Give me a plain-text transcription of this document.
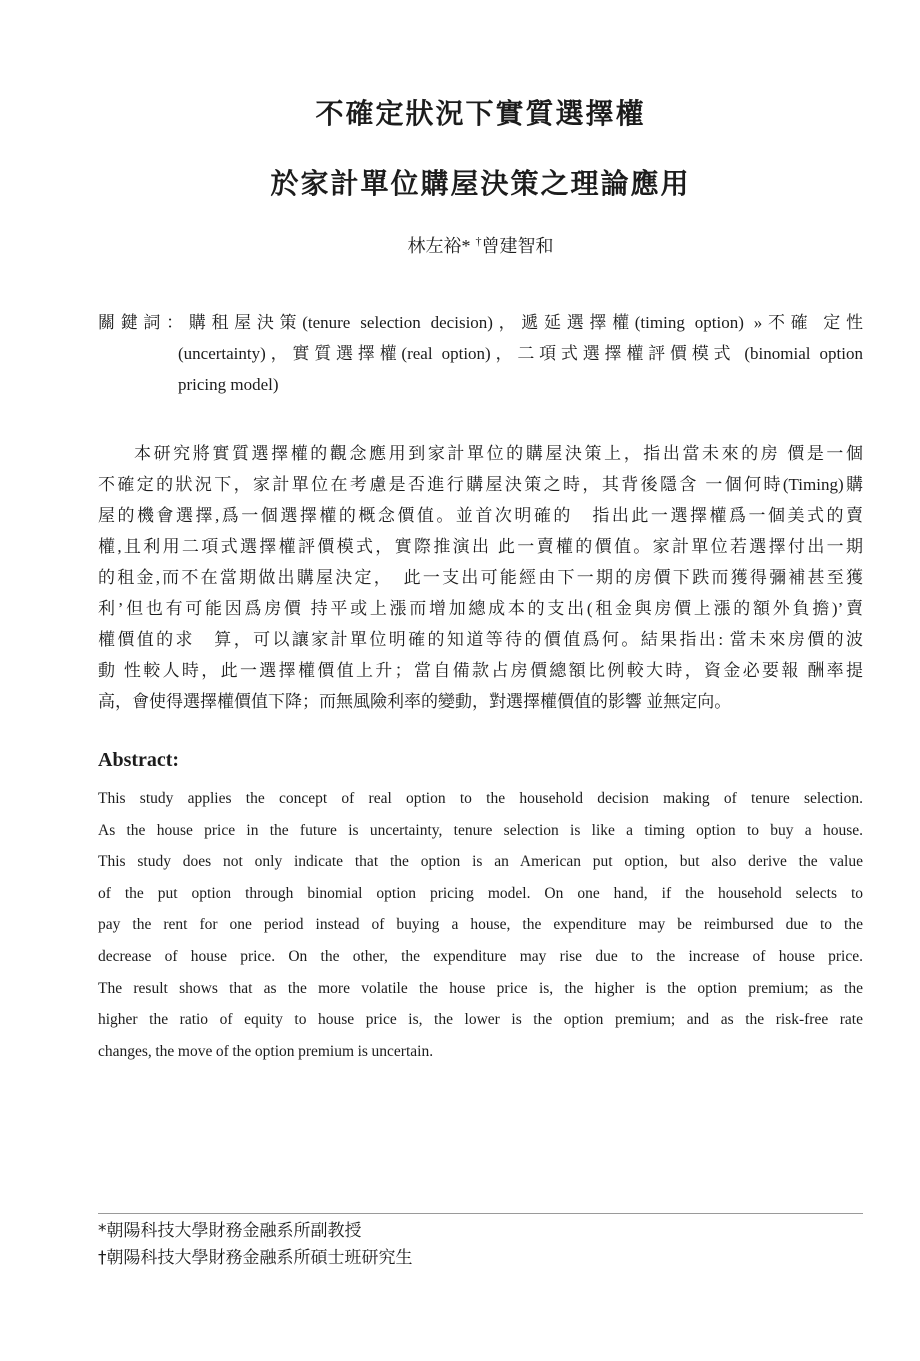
不確定狀況下實質選擇權
於家計單位購屋決策之理論應用
林左裕* †曾建智和
關鍵詞：購租屋決策(tenure selection decision)，遞延選擇權(timing option) »不確 定性
(uncertainty)，實質選擇權(real option)，二項式選擇權評價模式 (binomial option
pricing model)
本研究將實質選擇權的觀念應用到家計單位的購屋決策上，指出當未來的房 價是一個
不確定的狀況下，家計單位在考慮是否進行購屋決策之時，其背後隱含 一個何時(Timing)購
屋的機會選擇,爲一個選擇權的概念價值。並首次明確的　指出此一選擇權爲一個美式的賣
權,且利用二項式選擇權評價模式，實際推演出 此一賣權的價值。家計單位若選擇付出一期
的租金,而不在當期做出購屋決定，　此一支出可能經由下一期的房價下跌而獲得彌補甚至獲
利’但也有可能因爲房價 持平或上漲而增加總成本的支出(租金與房價上漲的額外負擔)’賣
權價值的求　算，可以讓家計單位明確的知道等待的價值爲何。結果指出: 當未來房價的波
動 性較人時，此一選擇權價值上升；當自備款占房價總額比例較大時，資金必要報 酬率提
高，會使得選擇權價值下降；而無風險利率的變動，對選擇權價值的影響 並無定向。
Abstract:
This study applies the concept of real option to the household decision making of tenure selection.
As the house price in the future is uncertainty, tenure selection is like a timing option to buy a house.
This study does not only indicate that the option is an American put option, but also derive the value
of the put option through binomial option pricing model. On one hand, if the household selects to
pay the rent for one period instead of buying a house, the expenditure may be reimbursed due to the
decrease of house price. On the other, the expenditure may rise due to the increase of house price.
The result shows that as the more volatile the house price is, the higher is the option premium; as the
higher the ratio of equity to house price is, the lower is the option premium; and as the risk-free rate
changes, the move of the option premium is uncertain.
*朝陽科技大學財務金融系所副教授
†朝陽科技大學財務金融系所碩士班研究生
